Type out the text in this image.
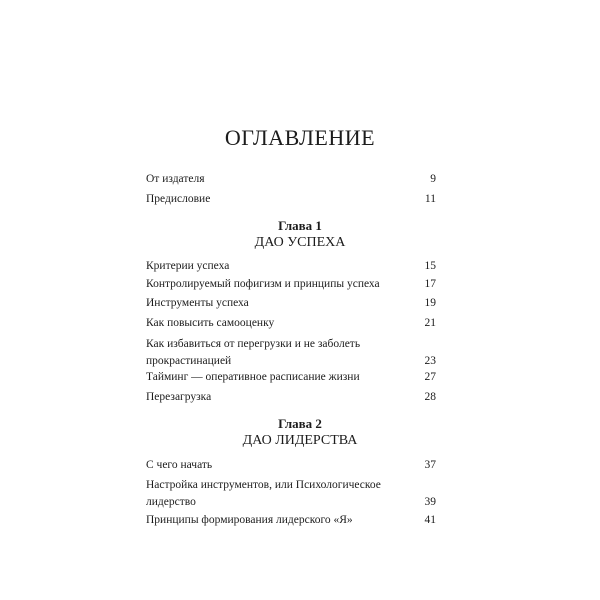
ОГЛАВЛЕНИЕ
От издателя	9
Предисловие	11
Глава 1
ДАО УСПЕХА
Критерии успеха	15
Контролируемый пофигизм и принципы успеха	17
Инструменты успеха	19
Как повысить самооценку	21
Как избавиться от перегрузки и не заболеть прокрастинацией	23
Тайминг — оперативное расписание жизни	27
Перезагрузка	28
Глава 2
ДАО ЛИДЕРСТВА
С чего начать	37
Настройка инструментов, или Психологическое лидерство	39
Принципы формирования лидерского «Я»	41
